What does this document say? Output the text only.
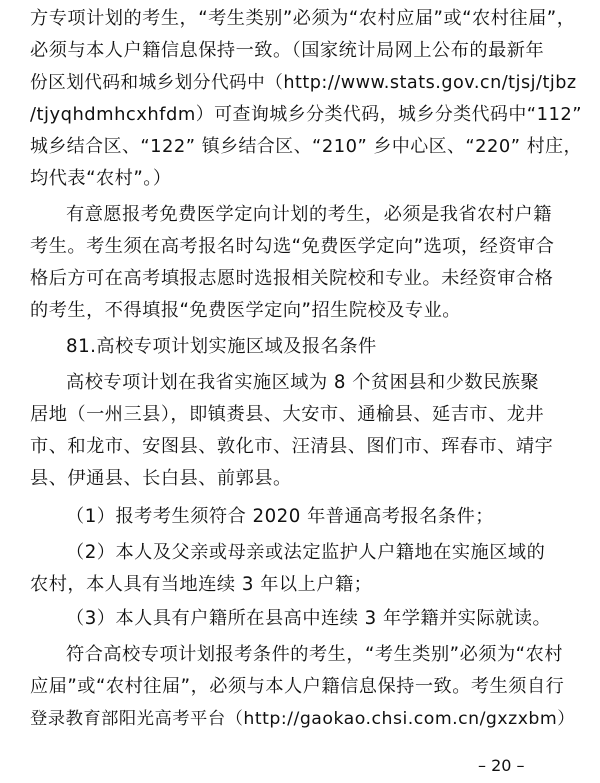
方专项计划的考生，“考生类别”必须为“农村应届”或“农村往届”，
必须与本人户籍信息保持一致。（国家统计局网上公布的最新年
份区划代码和城乡划分代码中（http://www.stats.gov.cn/tjsj/tjbz
/tjyqhdmhcxhfdm）可查询城乡分类代码，城乡分类代码中“112”
城乡结合区、“122” 镇乡结合区、“210” 乡中心区、“220” 村庄，
均代表“农村”。）
有意愿报考免费医学定向计划的考生，必须是我省农村户籍
考生。考生须在高考报名时勾选“免费医学定向”选项，经资审合
格后方可在高考填报志愿时选报相关院校和专业。未经资审合格
的考生，不得填报“免费医学定向”招生院校及专业。
81.高校专项计划实施区域及报名条件
高校专项计划在我省实施区域为 8 个贫困县和少数民族聚
居地（一州三县），即镇赉县、大安市、通榆县、延吉市、龙井
市、和龙市、安图县、敦化市、汪清县、图们市、珲春市、靖宇
县、伊通县、长白县、前郭县。
（1）报考考生须符合 2020 年普通高考报名条件；
（2）本人及父亲或母亲或法定监护人户籍地在实施区域的
农村，本人具有当地连续 3 年以上户籍；
（3）本人具有户籍所在县高中连续 3 年学籍并实际就读。
符合高校专项计划报考条件的考生，“考生类别”必须为“农村
应届”或“农村往届”，必须与本人户籍信息保持一致。考生须自行
登录教育部阳光高考平台（http://gaokao.chsi.com.cn/gxzxbm）
– 20 –
